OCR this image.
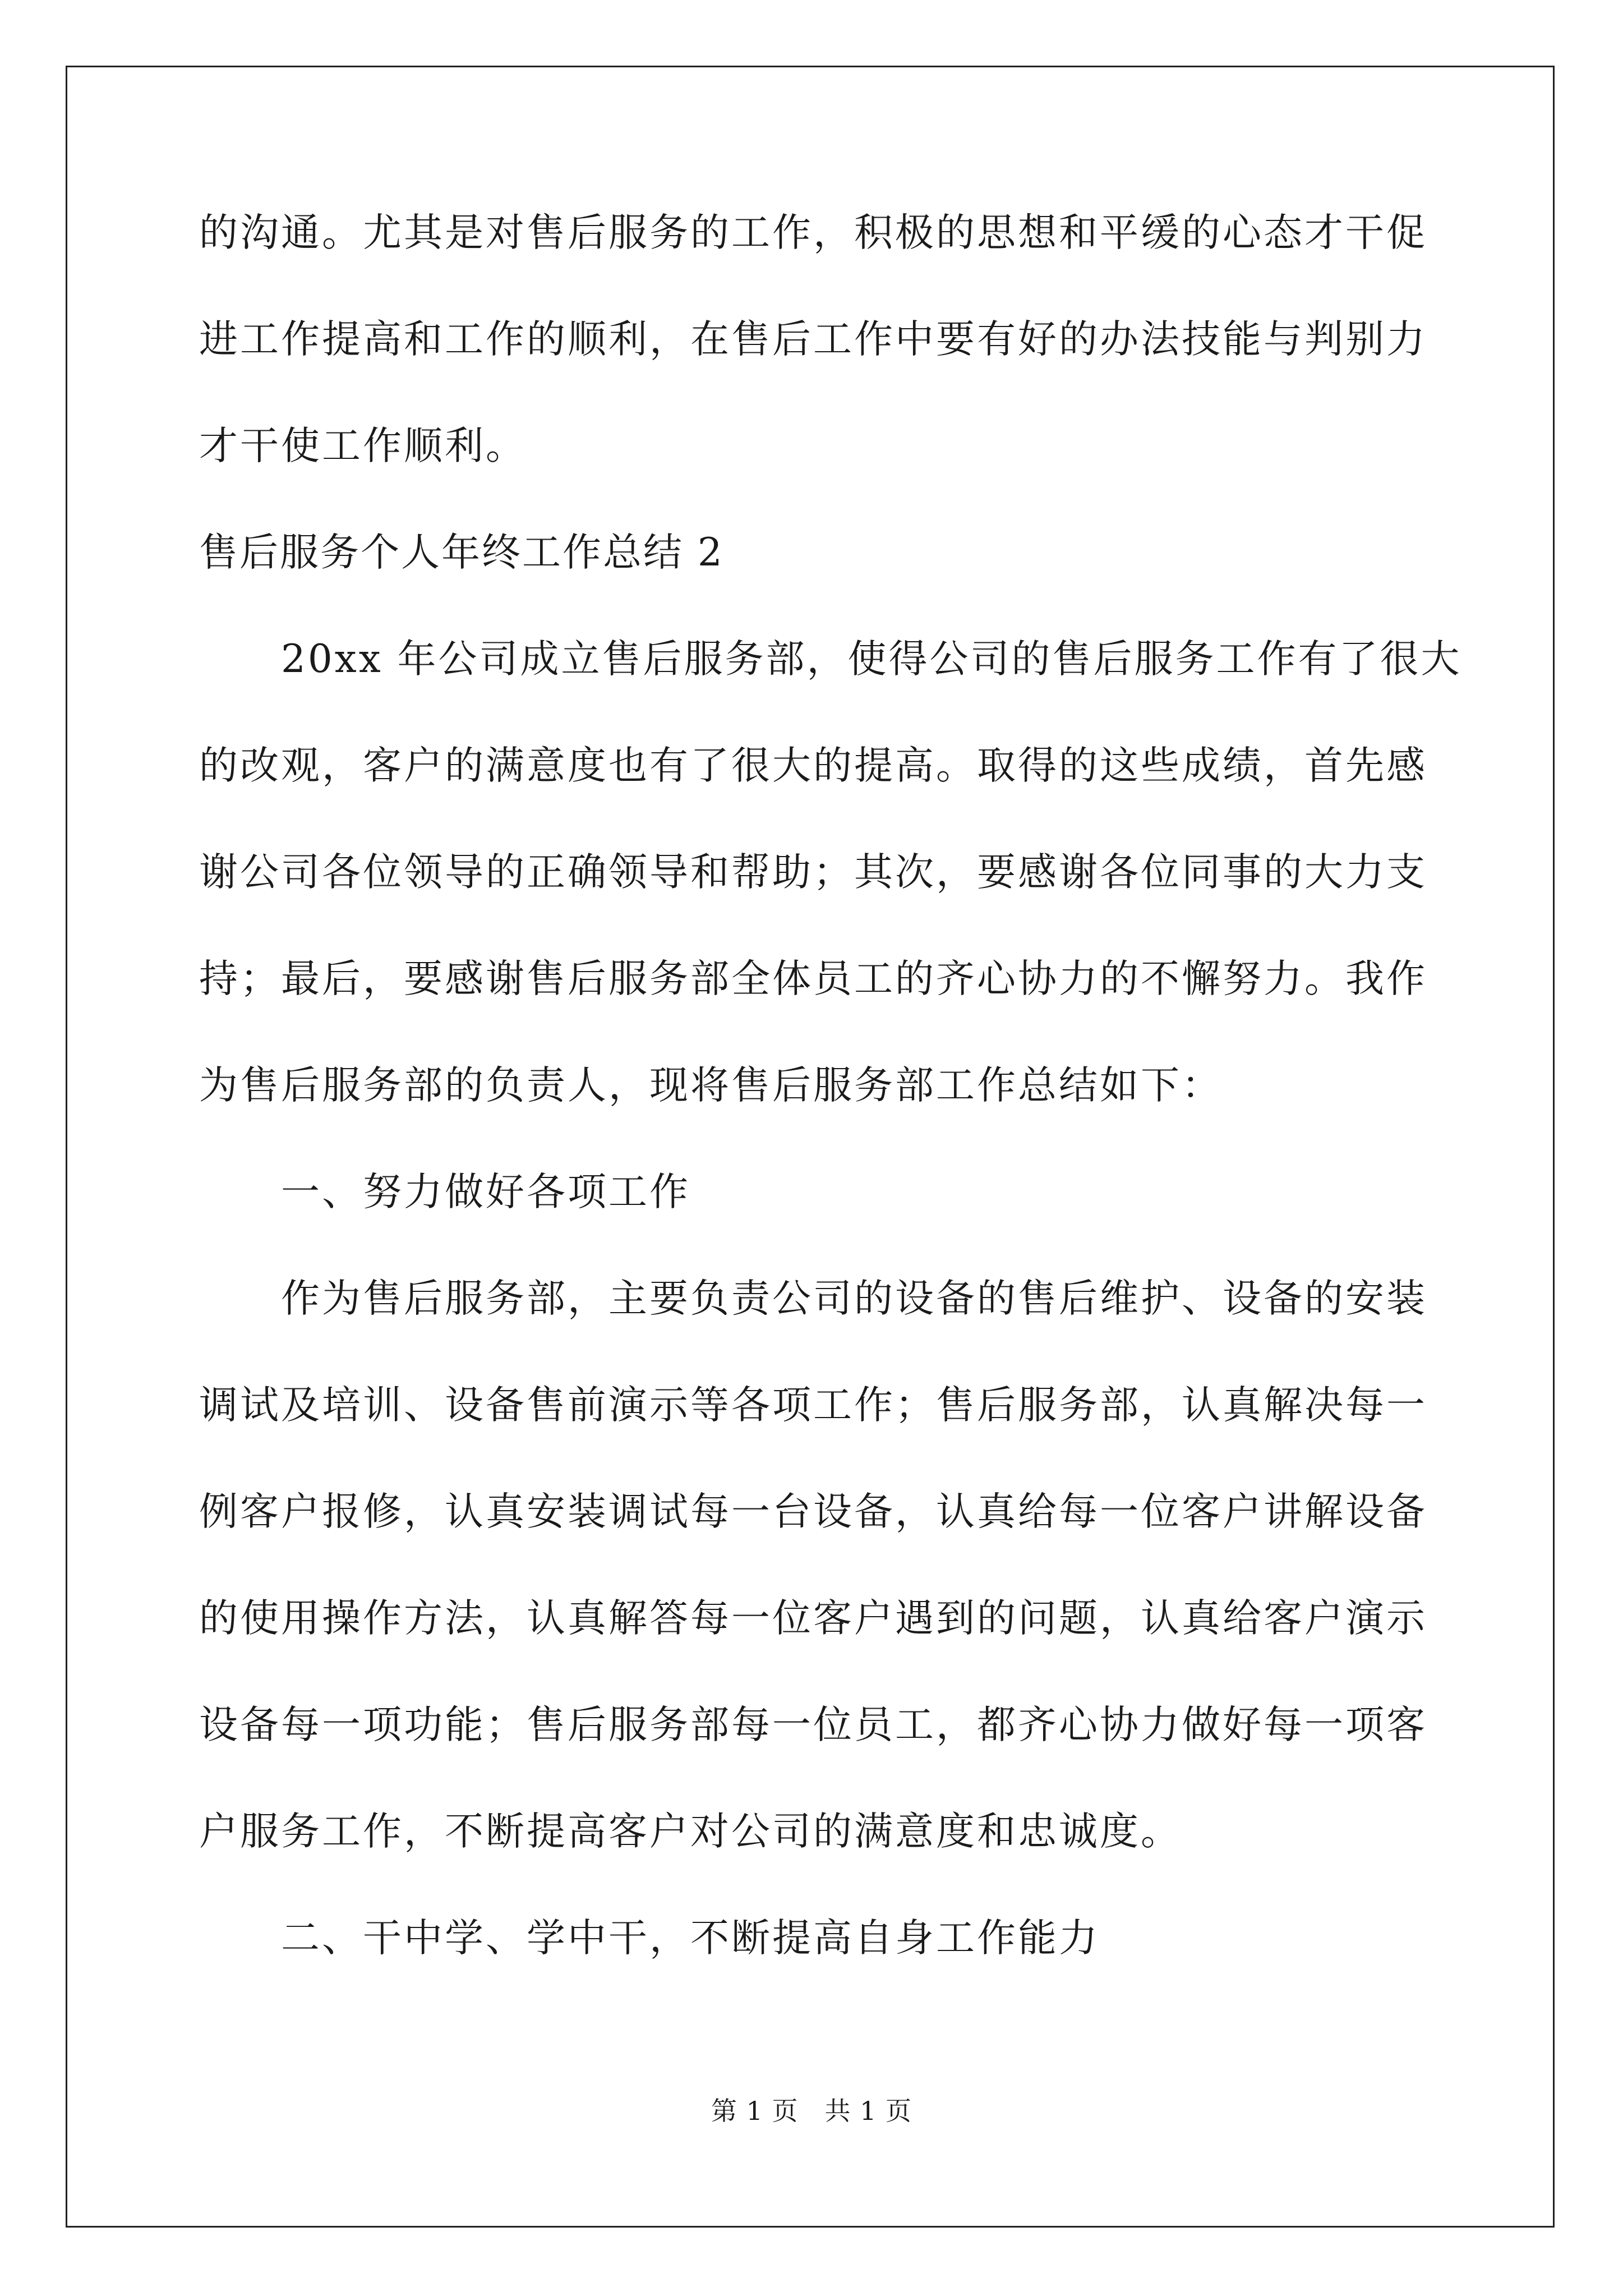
的沟通。尤其是对售后服务的工作，积极的思想和平缓的心态才干促
进工作提高和工作的顺利，在售后工作中要有好的办法技能与判别力
才干使工作顺利。
售后服务个人年终工作总结 2
20xx 年公司成立售后服务部，使得公司的售后服务工作有了很大
的改观，客户的满意度也有了很大的提高。取得的这些成绩，首先感
谢公司各位领导的正确领导和帮助；其次，要感谢各位同事的大力支
持；最后，要感谢售后服务部全体员工的齐心协力的不懈努力。我作
为售后服务部的负责人，现将售后服务部工作总结如下：
一、努力做好各项工作
作为售后服务部，主要负责公司的设备的售后维护、设备的安装
调试及培训、设备售前演示等各项工作；售后服务部，认真解决每一
例客户报修，认真安装调试每一台设备，认真给每一位客户讲解设备
的使用操作方法，认真解答每一位客户遇到的问题，认真给客户演示
设备每一项功能；售后服务部每一位员工，都齐心协力做好每一项客
户服务工作，不断提高客户对公司的满意度和忠诚度。
二、干中学、学中干，不断提高自身工作能力
第 1 页　共 1 页
